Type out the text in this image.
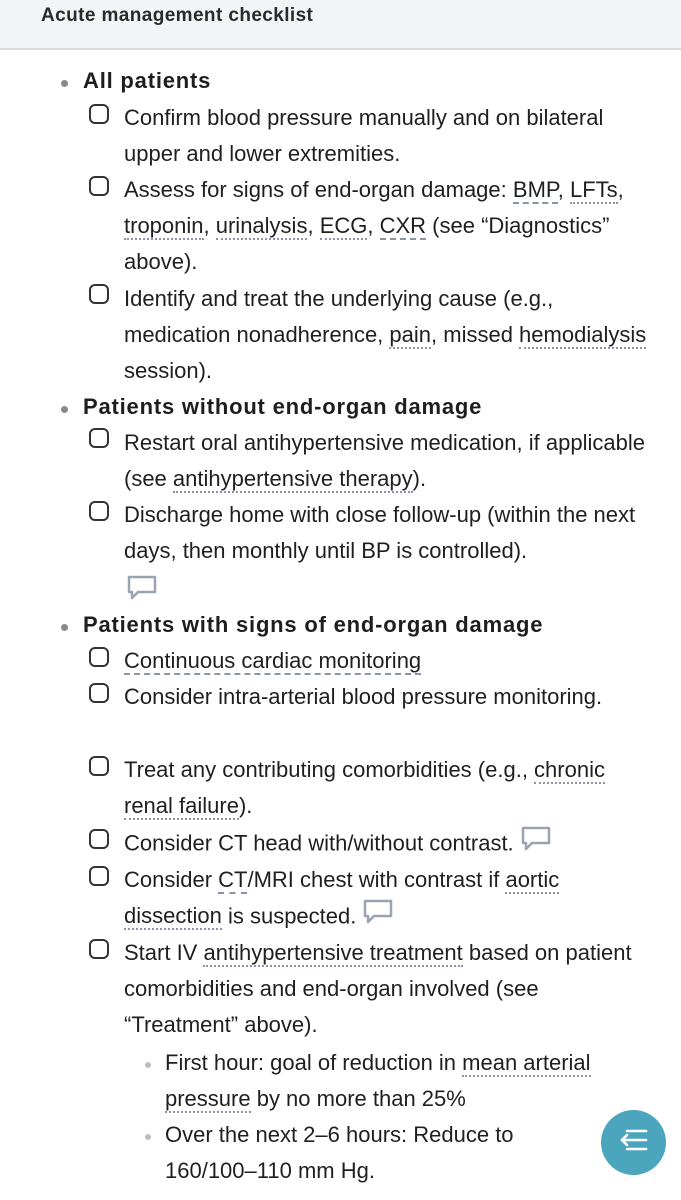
Acute management checklist
All patients
Confirm blood pressure manually and on bilateral upper and lower extremities.
Assess for signs of end-organ damage: BMP, LFTs, troponin, urinalysis, ECG, CXR (see “Diagnostics” above).
Identify and treat the underlying cause (e.g., medication nonadherence, pain, missed hemodialysis session).
Patients without end-organ damage
Restart oral antihypertensive medication, if applicable (see antihypertensive therapy).
Discharge home with close follow-up (within the next days, then monthly until BP is controlled).
Patients with signs of end-organ damage
Continuous cardiac monitoring
Consider intra-arterial blood pressure monitoring.
Treat any contributing comorbidities (e.g., chronic renal failure).
Consider CT head with/without contrast.
Consider CT/MRI chest with contrast if aortic dissection is suspected.
Start IV antihypertensive treatment based on patient comorbidities and end-organ involved (see “Treatment” above).
First hour: goal of reduction in mean arterial pressure by no more than 25%
Over the next 2–6 hours: Reduce to 160/100–110 mm Hg.
